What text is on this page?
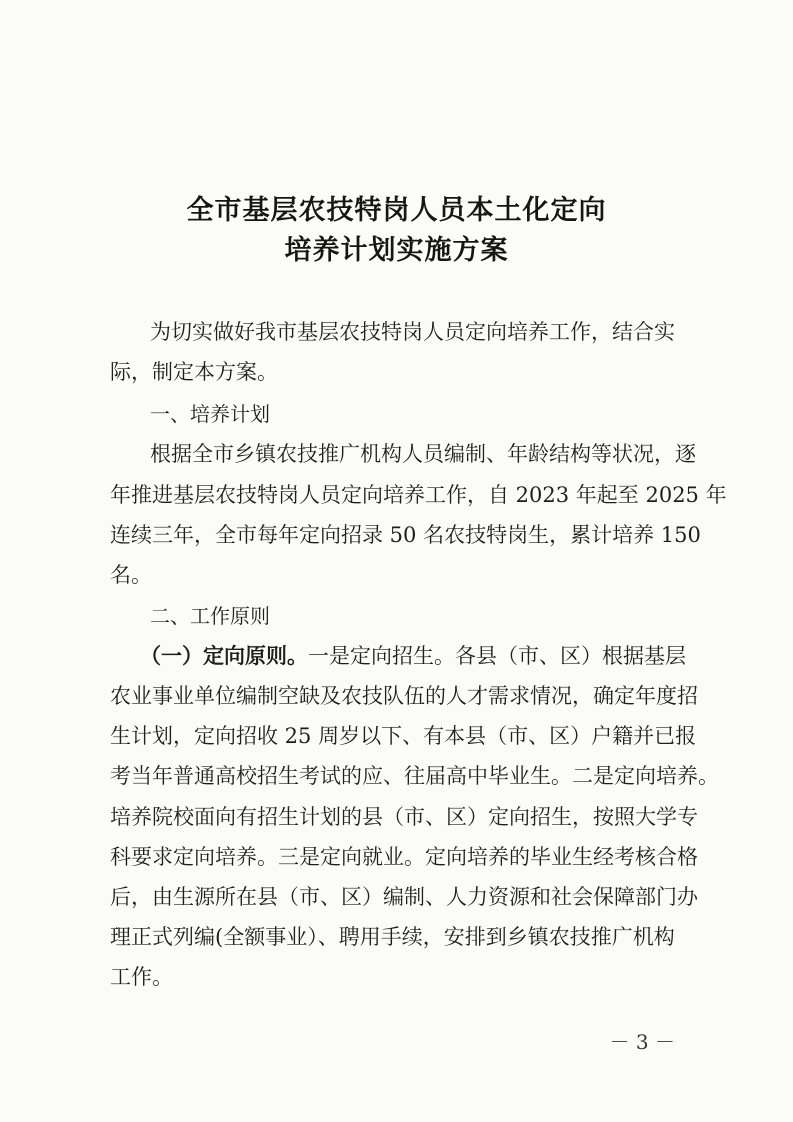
全市基层农技特岗人员本土化定向
培养计划实施方案
为切实做好我市基层农技特岗人员定向培养工作，结合实
际，制定本方案。
一、培养计划
根据全市乡镇农技推广机构人员编制、年龄结构等状况，逐
年推进基层农技特岗人员定向培养工作，自 2023 年起至 2025 年
连续三年，全市每年定向招录 50 名农技特岗生，累计培养 150
名。
二、工作原则
（一）定向原则。一是定向招生。各县（市、区）根据基层
农业事业单位编制空缺及农技队伍的人才需求情况，确定年度招
生计划，定向招收 25 周岁以下、有本县（市、区）户籍并已报
考当年普通高校招生考试的应、往届高中毕业生。二是定向培养。
培养院校面向有招生计划的县（市、区）定向招生，按照大学专
科要求定向培养。三是定向就业。定向培养的毕业生经考核合格
后，由生源所在县（市、区）编制、人力资源和社会保障部门办
理正式列编(全额事业）、聘用手续，安排到乡镇农技推广机构
工作。
－ 3 －
